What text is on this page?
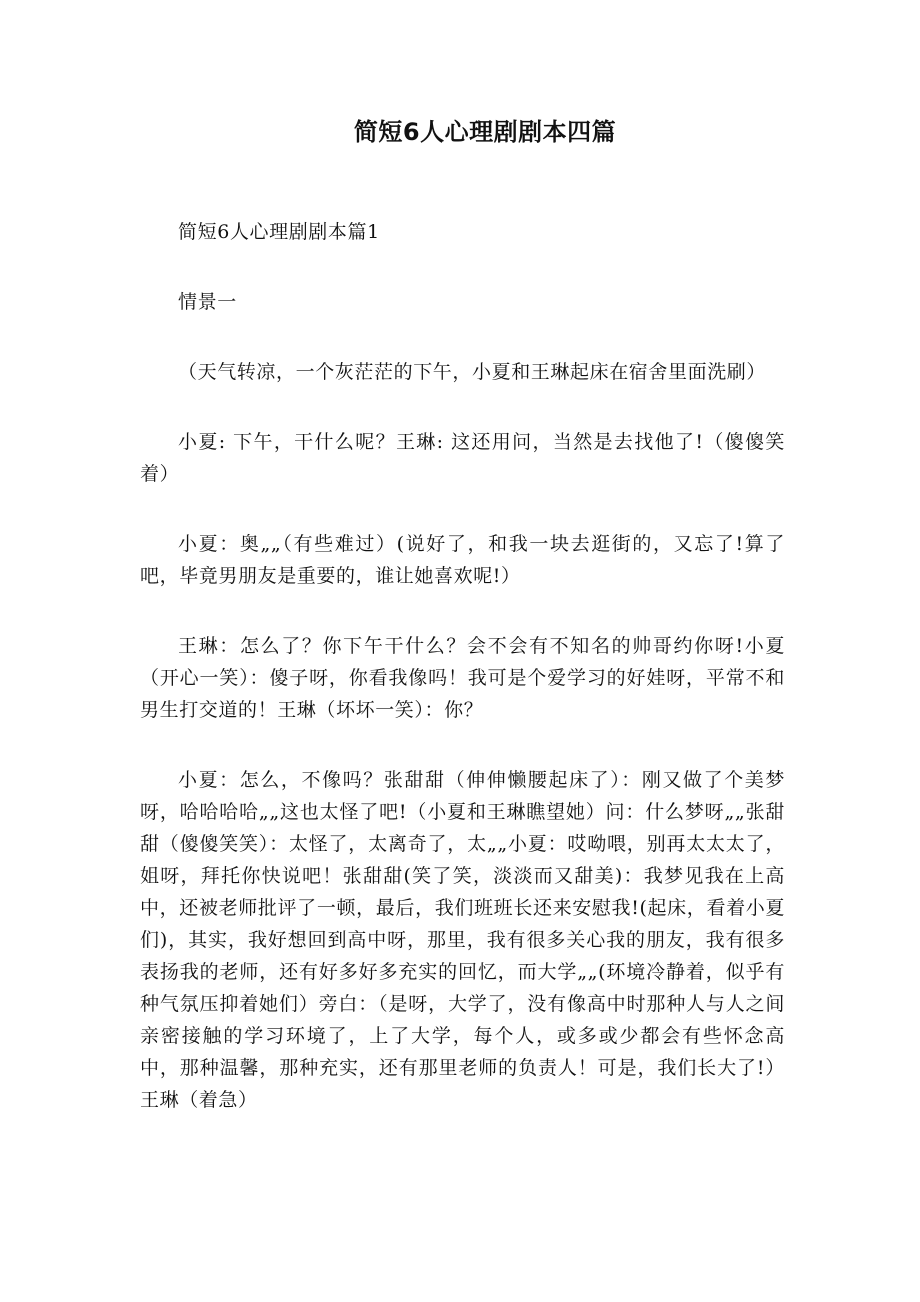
简短6人心理剧剧本四篇

简短6人心理剧剧本篇1

情景一

（天气转凉，一个灰茫茫的下午，小夏和王琳起床在宿舍里面洗刷）

小夏: 下午，干什么呢？王琳: 这还用问，当然是去找他了!（傻傻笑着）

小夏：奥„„（有些难过）(说好了，和我一块去逛街的，又忘了!算了吧，毕竟男朋友是重要的，谁让她喜欢呢!）

王琳：怎么了？你下午干什么？会不会有不知名的帅哥约你呀!小夏（开心一笑）：傻子呀，你看我像吗！我可是个爱学习的好娃呀，平常不和男生打交道的！王琳（坏坏一笑）：你？

小夏：怎么，不像吗？张甜甜（伸伸懒腰起床了）：刚又做了个美梦呀，哈哈哈哈„„这也太怪了吧!（小夏和王琳瞧望她）问：什么梦呀„„张甜甜（傻傻笑笑）：太怪了，太离奇了，太„„小夏：哎呦喂，别再太太太了，姐呀，拜托你快说吧！张甜甜(笑了笑，淡淡而又甜美)：我梦见我在上高中，还被老师批评了一顿，最后，我们班班长还来安慰我!(起床，看着小夏们)，其实，我好想回到高中呀，那里，我有很多关心我的朋友，我有很多表扬我的老师，还有好多好多充实的回忆，而大学„„(环境冷静着，似乎有种气氛压抑着她们）旁白：（是呀，大学了，没有像高中时那种人与人之间亲密接触的学习环境了，上了大学，每个人，或多或少都会有些怀念高中，那种温馨，那种充实，还有那里老师的负责人！可是，我们长大了!）王琳（着急）
